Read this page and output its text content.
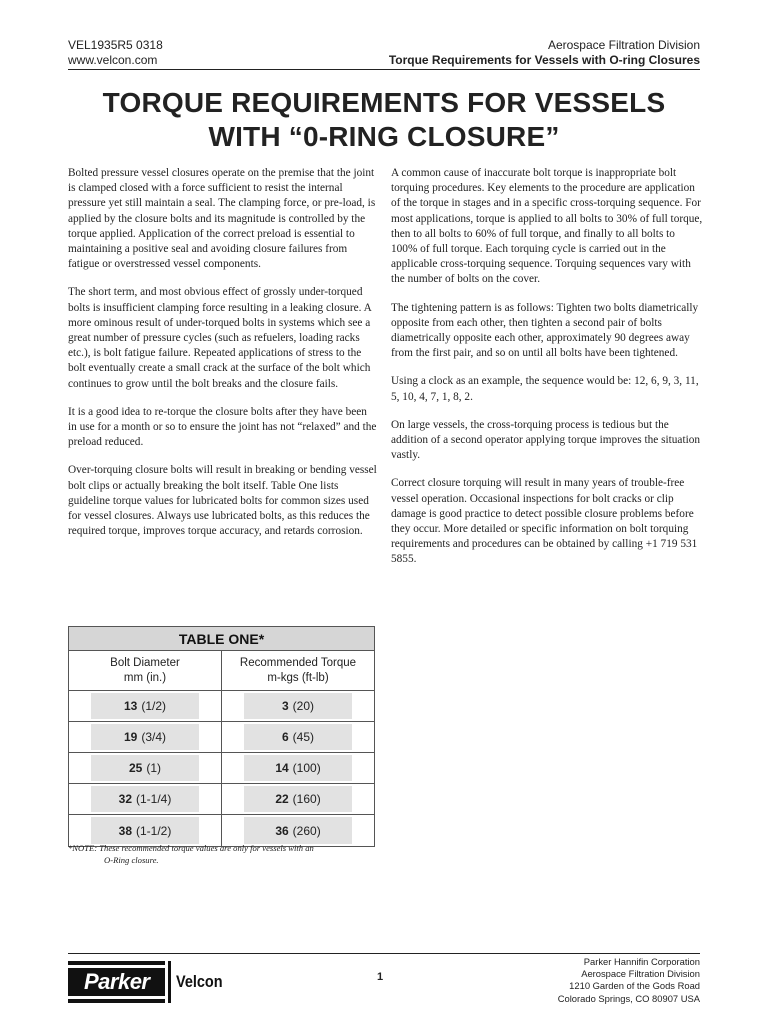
VEL1935R5 0318
www.velcon.com
Aerospace Filtration Division
Torque Requirements for Vessels with O-ring Closures
TORQUE REQUIREMENTS FOR VESSELS
WITH “0-RING CLOSURE”

Bolted pressure vessel closures operate on the premise that the joint is clamped closed with a force sufficient to resist the internal pressure yet still maintain a seal. The clamping force, or pre-load, is applied by the closure bolts and its magnitude is controlled by the torque applied. Application of the correct preload is essential to maintaining a positive seal and avoiding closure failures from fatigue or overstressed vessel components.

The short term, and most obvious effect of grossly under-torqued bolts is insufficient clamping force resulting in a leaking closure. A more ominous result of under-torqued bolts in systems which see a great number of pressure cycles (such as refuelers, loading racks etc.), is bolt fatigue failure. Repeated applications of stress to the bolt eventually create a small crack at the surface of the bolt which continues to grow until the bolt breaks and the closure fails.

It is a good idea to re-torque the closure bolts after they have been in use for a month or so to ensure the joint has not “relaxed” and the preload reduced.

Over-torquing closure bolts will result in breaking or bending vessel bolt clips or actually breaking the bolt itself. Table One lists guideline torque values for lubricated bolts for common sizes used for vessel closures. Always use lubricated bolts, as this reduces the required torque, improves torque accuracy, and retards corrosion.

A common cause of inaccurate bolt torque is inappropriate bolt torquing procedures. Key elements to the procedure are application of the torque in stages and in a specific cross-torquing sequence. For most applications, torque is applied to all bolts to 30% of full torque, then to all bolts to 60% of full torque, and finally to all bolts to 100% of full torque. Each torquing cycle is carried out in the applicable cross-torquing sequence. Torquing sequences vary with the number of bolts on the cover.

The tightening pattern is as follows: Tighten two bolts diametrically opposite from each other, then tighten a second pair of bolts diametrically opposite each other, approximately 90 degrees away from the first pair, and so on until all bolts have been tightened.

Using a clock as an example, the sequence would be: 12, 6, 9, 3, 11, 5, 10, 4, 7, 1, 8, 2.

On large vessels, the cross-torquing process is tedious but the addition of a second operator applying torque improves the situation vastly.

Correct closure torquing will result in many years of trouble-free vessel operation. Occasional inspections for bolt cracks or clip damage is good practice to detect possible closure problems before they occur. More detailed or specific information on bolt torquing requirements and procedures can be obtained by calling +1 719 531 5855.

TABLE ONE*
Bolt Diameter
mm (in.)
Recommended Torque
m-kgs (ft-lb)
13 (1/2)	3 (20)
19 (3/4)	6 (45)
25 (1)	14 (100)
32 (1-1/4)	22 (160)
38 (1-1/2)	36 (260)
*NOTE: These recommended torque values are only for vessels with an
O-Ring closure.
Parker	Velcon	1
Parker Hannifin Corporation
Aerospace Filtration Division
1210 Garden of the Gods Road
Colorado Springs, CO 80907 USA
